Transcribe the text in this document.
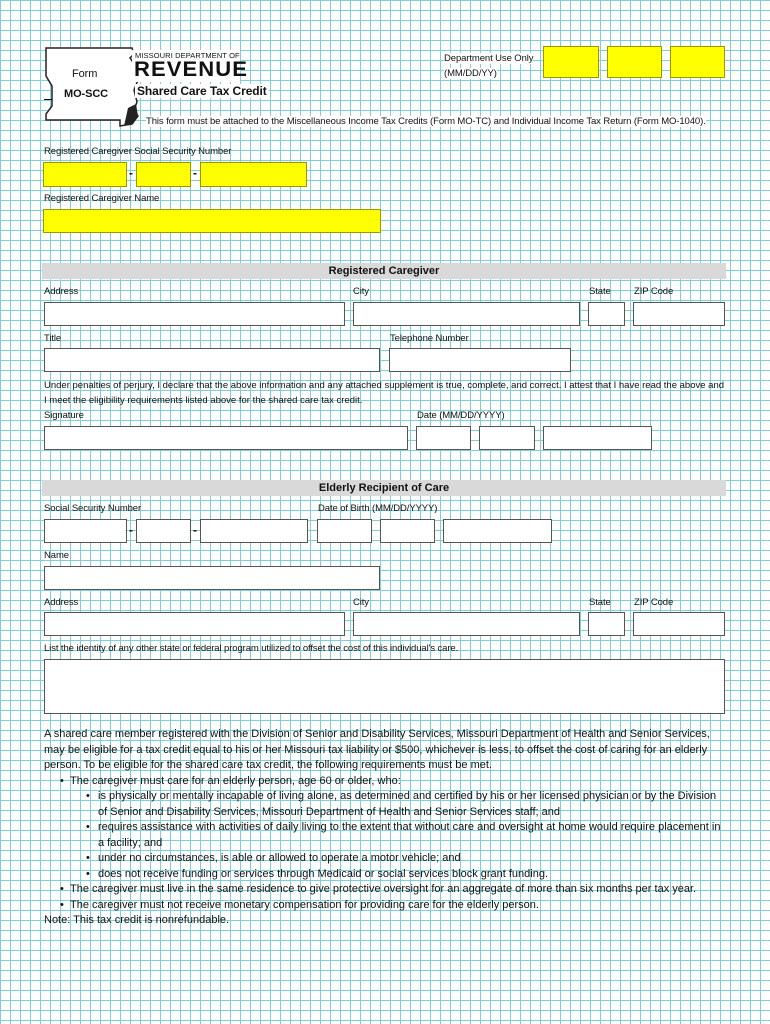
Form
MO-SCC
MISSOURI DEPARTMENT OF
REVENUE
Shared Care Tax Credit
Department Use Only
(MM/DD/YY)
This form must be attached to the Miscellaneous Income Tax Credits (Form MO-TC) and Individual Income Tax Return (Form MO-1040).
Registered Caregiver Social Security Number
-	-
Registered Caregiver Name
Registered Caregiver
Address	City	State ZIP Code
Title	Telephone Number
Under penalties of perjury, I declare that the above information and any attached supplement is true, complete, and correct. I attest that I have read the above and I meet the eligibility requirements listed above for the shared care tax credit.
Signature	Date (MM/DD/YYYY)
Elderly Recipient of Care
Social Security Number	Date of Birth (MM/DD/YYYY)
-	-
Name
Address	City	State ZIP Code
List the identity of any other state or federal program utilized to offset the cost of this individual's care.

A shared care member registered with the Division of Senior and Disability Services, Missouri Department of Health and Senior Services, may be eligible for a tax credit equal to his or her Missouri tax liability or $500, whichever is less, to offset the cost of caring for an elderly person. To be eligible for the shared care tax credit, the following requirements must be met.

• The caregiver must care for an elderly person, age 60 or older, who:
• is physically or mentally incapable of living alone, as determined and certified by his or her licensed physician or by the Division of Senior and Disability Services, Missouri Department of Health and Senior Services staff; and
• requires assistance with activities of daily living to the extent that without care and oversight at home would require placement in a facility; and
• under no circumstances, is able or allowed to operate a motor vehicle; and
• does not receive funding or services through Medicaid or social services block grant funding.
• The caregiver must live in the same residence to give protective oversight for an aggregate of more than six months per tax year.
• The caregiver must not receive monetary compensation for providing care for the elderly person.

Note: This tax credit is nonrefundable.
